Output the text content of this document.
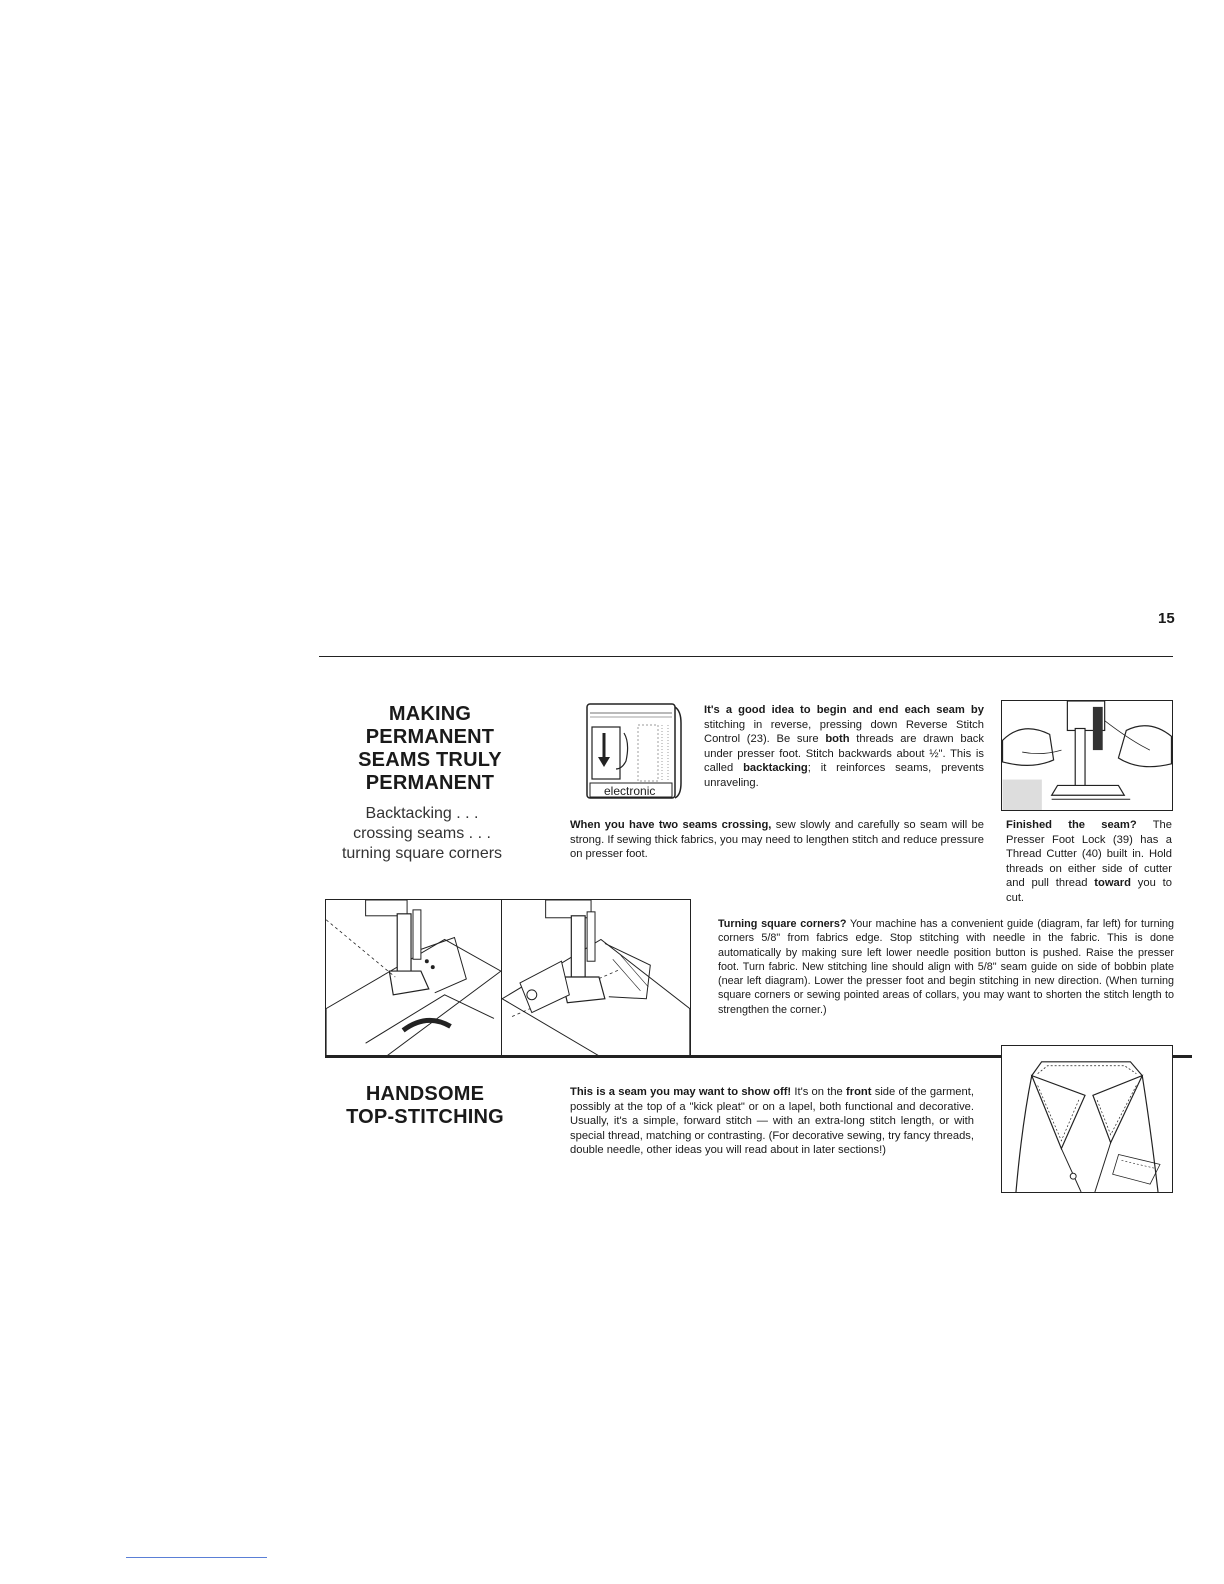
15
MAKING
PERMANENT
SEAMS TRULY
PERMANENT
Backtacking . . .
crossing seams . . .
turning square corners
electronic
It's a good idea to begin and end each seam by stitching in reverse, pressing down Reverse Stitch Control (23). Be sure both threads are drawn back under presser foot. Stitch backwards about ½". This is called backtacking; it reinforces seams, prevents unraveling.
When you have two seams crossing, sew slowly and carefully so seam will be strong. If sewing thick fabrics, you may need to lengthen stitch and reduce pressure on presser foot.
Finished the seam? The Presser Foot Lock (39) has a Thread Cutter (40) built in. Hold threads on either side of cutter and pull thread toward you to cut.
Turning square corners? Your machine has a convenient guide (diagram, far left) for turning corners 5/8" from fabrics edge. Stop stitching with needle in the fabric. This is done automatically by making sure left lower needle position button is pushed. Raise the presser foot. Turn fabric. New stitching line should align with 5/8" seam guide on side of bobbin plate (near left diagram). Lower the presser foot and begin stitching in new direction. (When turning square corners or sewing pointed areas of collars, you may want to shorten the stitch length to strengthen the corner.)
HANDSOME
TOP-STITCHING
This is a seam you may want to show off! It's on the front side of the garment, possibly at the top of a "kick pleat" or on a lapel, both functional and decorative. Usually, it's a simple, forward stitch — with an extra-long stitch length, or with special thread, matching or contrasting. (For decorative sewing, try fancy threads, double needle, other ideas you will read about in later sections!)
